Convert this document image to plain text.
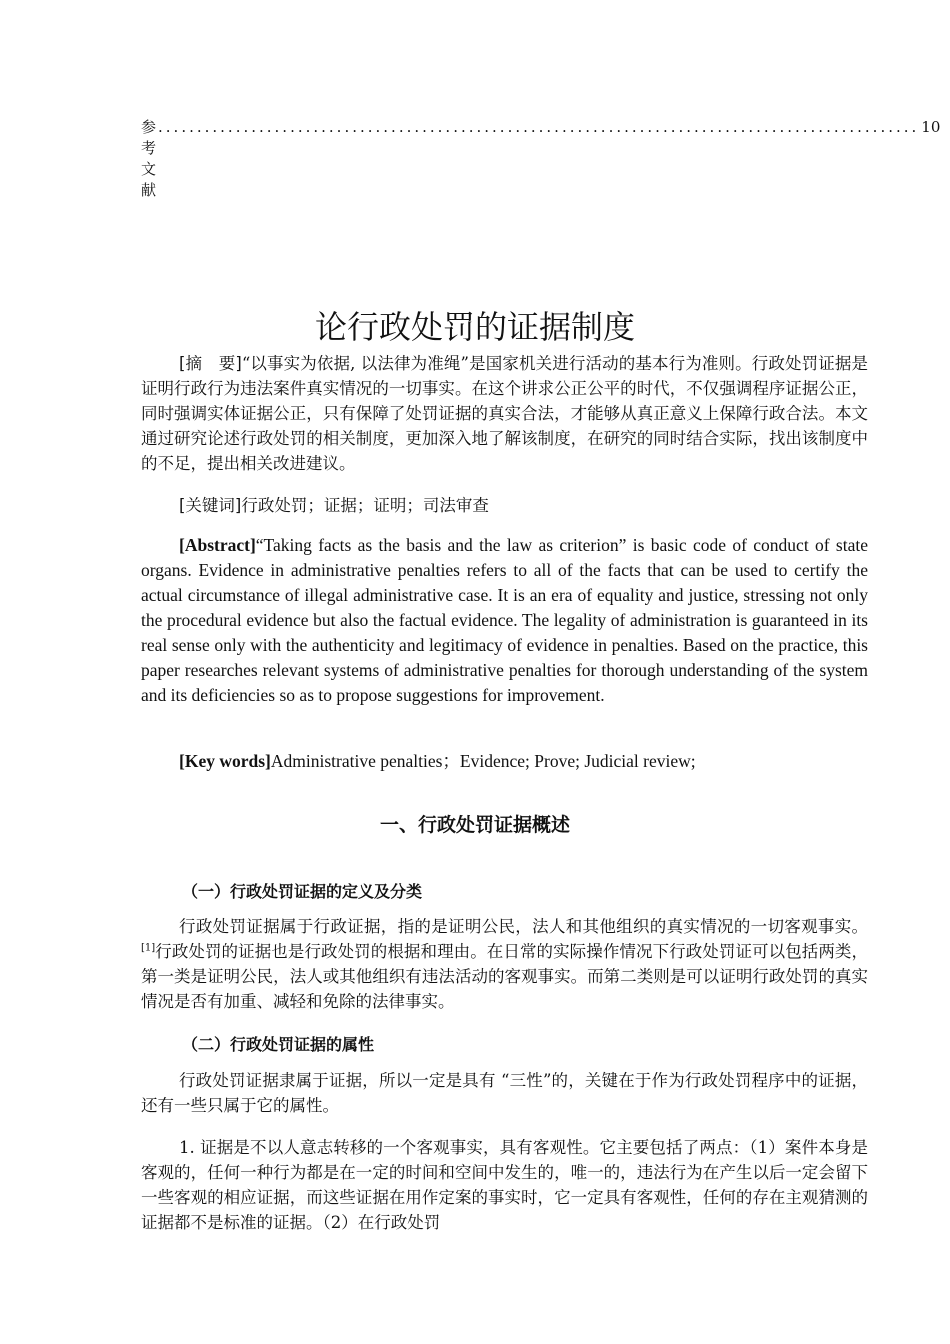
参考文献
.................................................................................................. 10
论行政处罚的证据制度

[摘　要]“以事实为依据, 以法律为准绳”是国家机关进行活动的基本行为准则。行政处罚证据是证明行政行为违法案件真实情况的一切事实。在这个讲求公正公平的时代，不仅强调程序证据公正，同时强调实体证据公正，只有保障了处罚证据的真实合法，才能够从真正意义上保障行政合法。本文通过研究论述行政处罚的相关制度，更加深入地了解该制度，在研究的同时结合实际，找出该制度中的不足，提出相关改进建议。

[关键词]行政处罚；证据；证明；司法审查

[Abstract]“Taking facts as the basis and the law as criterion” is basic code of conduct of state organs. Evidence in administrative penalties refers to all of the facts that can be used to certify the actual circumstance of illegal administrative case. It is an era of equality and justice, stressing not only the procedural evidence but also the factual evidence. The legality of administration is guaranteed in its real sense only with the authenticity and legitimacy of evidence in penalties. Based on the practice, this paper researches relevant systems of administrative penalties for thorough understanding of the system and its deficiencies so as to propose suggestions for improvement.

[Key words]Administrative penalties；Evidence; Prove; Judicial review;

一、行政处罚证据概述
（一）行政处罚证据的定义及分类

行政处罚证据属于行政证据，指的是证明公民，法人和其他组织的真实情况的一切客观事实。[1]行政处罚的证据也是行政处罚的根据和理由。在日常的实际操作情况下行政处罚证可以包括两类，第一类是证明公民，法人或其他组织有违法活动的客观事实。而第二类则是可以证明行政处罚的真实情况是否有加重、减轻和免除的法律事实。

（二）行政处罚证据的属性

行政处罚证据隶属于证据，所以一定是具有 “三性”的，关键在于作为行政处罚程序中的证据，还有一些只属于它的属性。

1. 证据是不以人意志转移的一个客观事实，具有客观性。它主要包括了两点：（1）案件本身是客观的，任何一种行为都是在一定的时间和空间中发生的，唯一的，违法行为在产生以后一定会留下一些客观的相应证据，而这些证据在用作定案的事实时，它一定具有客观性，任何的存在主观猜测的证据都不是标准的证据。（2）在行政处罚
